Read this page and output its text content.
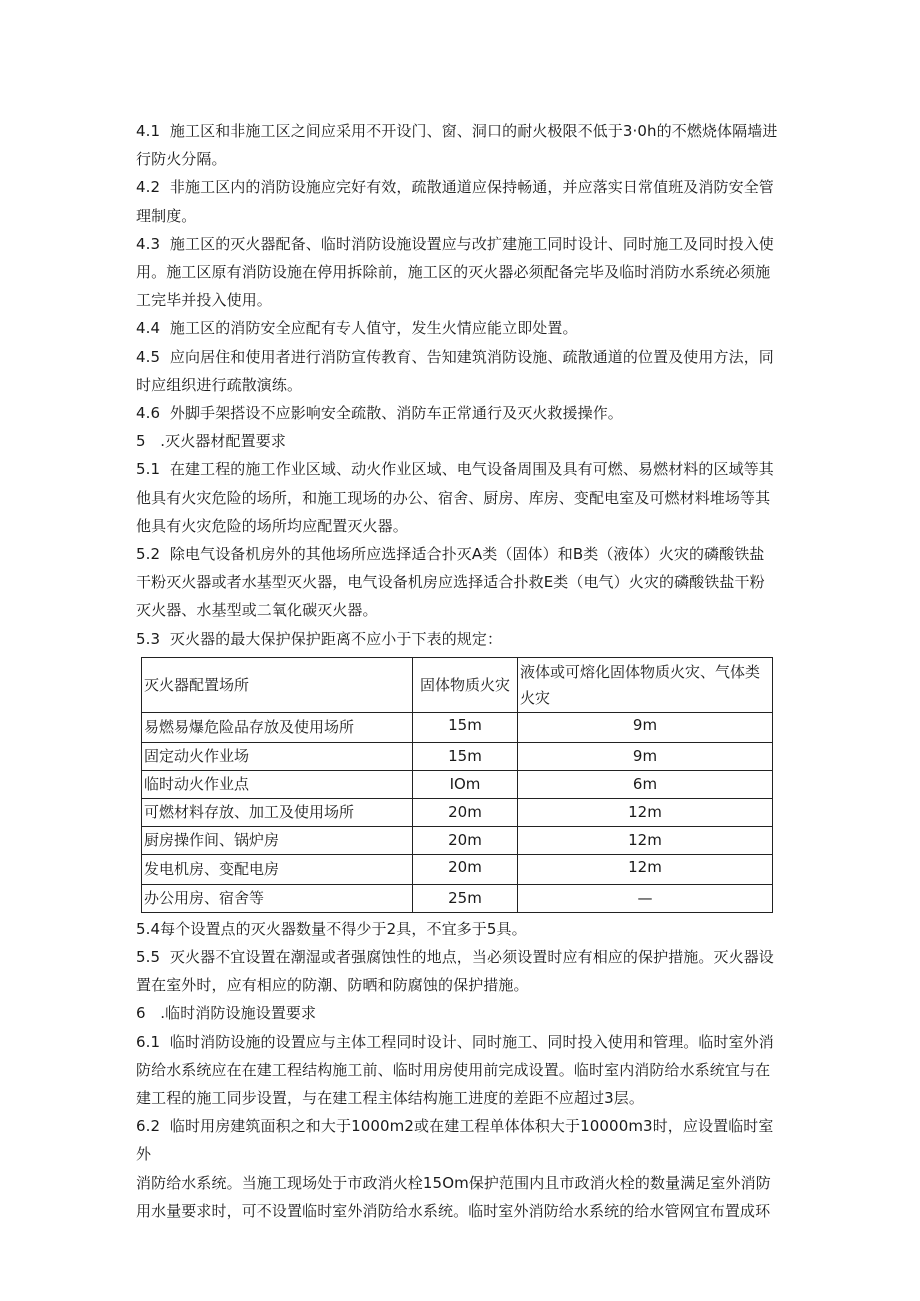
4.1  施工区和非施工区之间应采用不开设门、窗、洞口的耐火极限不低于3·0h的不燃烧体隔墙进
行防火分隔。

4.2  非施工区内的消防设施应完好有效，疏散通道应保持畅通，并应落实日常值班及消防安全管
理制度。

4.3  施工区的灭火器配备、临时消防设施设置应与改扩建施工同时设计、同时施工及同时投入使
用。施工区原有消防设施在停用拆除前，施工区的灭火器必须配备完毕及临时消防水系统必须施
工完毕并投入使用。

4.4  施工区的消防安全应配有专人值守，发生火情应能立即处置。

4.5  应向居住和使用者进行消防宣传教育、告知建筑消防设施、疏散通道的位置及使用方法，同
时应组织进行疏散演练。

4.6  外脚手架搭设不应影响安全疏散、消防车正常通行及灭火救援操作。

5   .灭火器材配置要求

5.1  在建工程的施工作业区域、动火作业区域、电气设备周围及具有可燃、易燃材料的区域等其
他具有火灾危险的场所，和施工现场的办公、宿舍、厨房、库房、变配电室及可燃材料堆场等其
他具有火灾危险的场所均应配置灭火器。

5.2  除电气设备机房外的其他场所应选择适合扑灭A类（固体）和B类（液体）火灾的磷酸铁盐
干粉灭火器或者水基型灭火器，电气设备机房应选择适合扑救E类（电气）火灾的磷酸铁盐干粉
灭火器、水基型或二氧化碳灭火器。

5.3  灭火器的最大保护保护距离不应小于下表的规定：

灭火器配置场所	固体物质火灾	液体或可熔化固体物质火灾、气体类
火灾
易燃易爆危险品存放及使用场所	15m	9m
固定动火作业场	15m	9m
临时动火作业点	IOm	6m
可燃材料存放、加工及使用场所	20m	12m
厨房操作间、锅炉房	20m	12m
发电机房、变配电房	20m	12m
办公用房、宿舍等	25m	—

5.4每个设置点的灭火器数量不得少于2具，不宜多于5具。

5.5  灭火器不宜设置在潮湿或者强腐蚀性的地点，当必须设置时应有相应的保护措施。灭火器设
置在室外时，应有相应的防潮、防晒和防腐蚀的保护措施。

6   .临时消防设施设置要求

6.1  临时消防设施的设置应与主体工程同时设计、同时施工、同时投入使用和管理。临时室外消
防给水系统应在在建工程结构施工前、临时用房使用前完成设置。临时室内消防给水系统宜与在
建工程的施工同步设置，与在建工程主体结构施工进度的差距不应超过3层。

6.2  临时用房建筑面积之和大于1000m2或在建工程单体体积大于10000m3时，应设置临时室外
消防给水系统。当施工现场处于市政消火栓15Om保护范围内且市政消火栓的数量满足室外消防
用水量要求时，可不设置临时室外消防给水系统。临时室外消防给水系统的给水管网宜布置成环
